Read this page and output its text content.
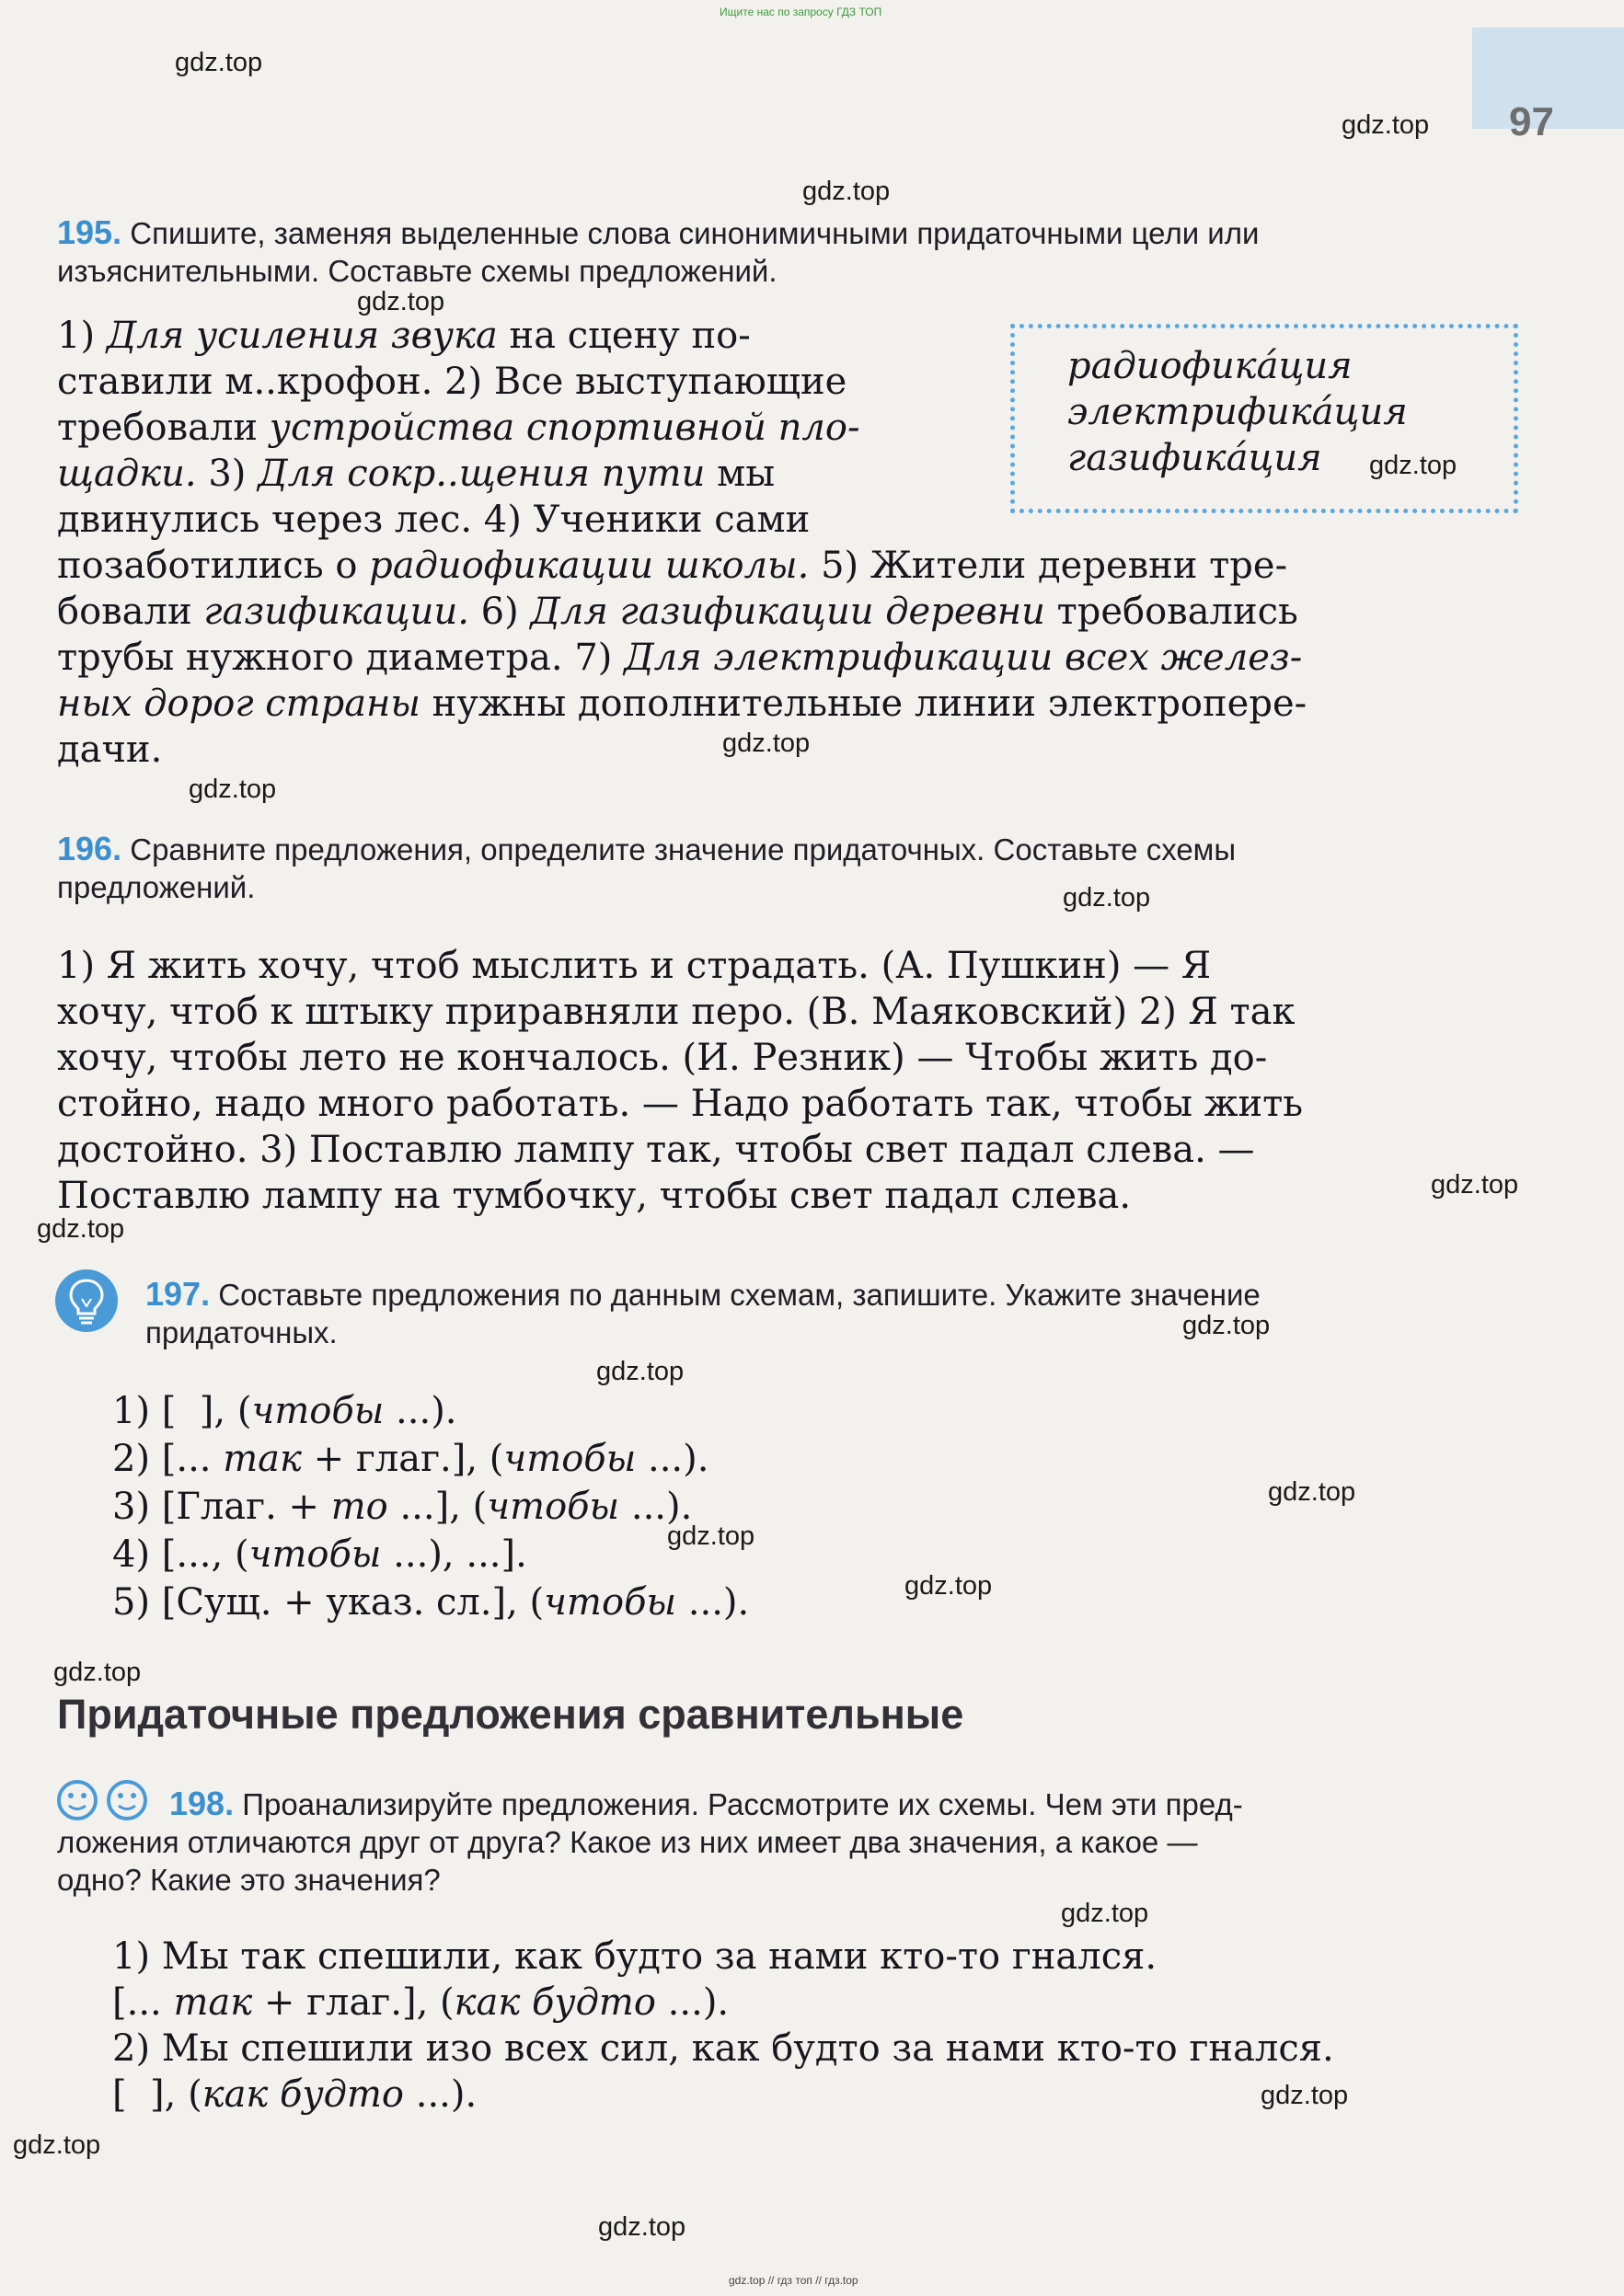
Ищите нас по запросу ГДЗ ТОП
97
gdz.top
gdz.top
gdz.top
gdz.top
gdz.top
gdz.top
gdz.top
gdz.top
gdz.top
gdz.top
gdz.top
gdz.top
gdz.top
gdz.top
gdz.top
gdz.top
gdz.top
gdz.top
gdz.top
gdz.top
195. Спишите, заменяя выделенные слова синонимичными придаточными цели или
изъяснительными. Составьте схемы предложений.
радиофика́ция
электрифика́ция
газифика́ция
1) Для усиления звука на сцену по-
ставили м..крофон. 2) Все выступающие
требовали устройства спортивной пло-
щадки. 3) Для сокр..щения пути мы
двинулись через лес. 4) Ученики сами
позаботились о радиофикации школы. 5) Жители деревни тре-
бовали газификации. 6) Для газификации деревни требовались
трубы нужного диаметра. 7) Для электрификации всех желез-
ных дорог страны нужны дополнительные линии электропере-
дачи.
196. Сравните предложения, определите значение придаточных. Составьте схемы
предложений.
1) Я жить хочу, чтоб мыслить и страдать. (А. Пушкин) — Я
хочу, чтоб к штыку приравняли перо. (В. Маяковский) 2) Я так
хочу, чтобы лето не кончалось. (И. Резник) — Чтобы жить до-
стойно, надо много работать. — Надо работать так, чтобы жить
достойно. 3) Поставлю лампу так, чтобы свет падал слева. —
Поставлю лампу на тумбочку, чтобы свет падал слева.
197. Составьте предложения по данным схемам, запишите. Укажите значение
придаточных.
1) [  ], (чтобы ...).
2) [... так + глаг.], (чтобы ...).
3) [Глаг. + то ...], (чтобы ...).
4) [..., (чтобы ...), ...].
5) [Сущ. + указ. сл.], (чтобы ...).
Придаточные предложения сравнительные
198. Проанализируйте предложения. Рассмотрите их схемы. Чем эти пред-
ложения отличаются друг от друга? Какое из них имеет два значения, а какое —
одно? Какие это значения?
1) Мы так спешили, как будто за нами кто-то гнался.
[... так + глаг.], (как будто ...).
2) Мы спешили изо всех сил, как будто за нами кто-то гнался.
[  ], (как будто ...).
gdz.top // гдз топ // гдз.top
